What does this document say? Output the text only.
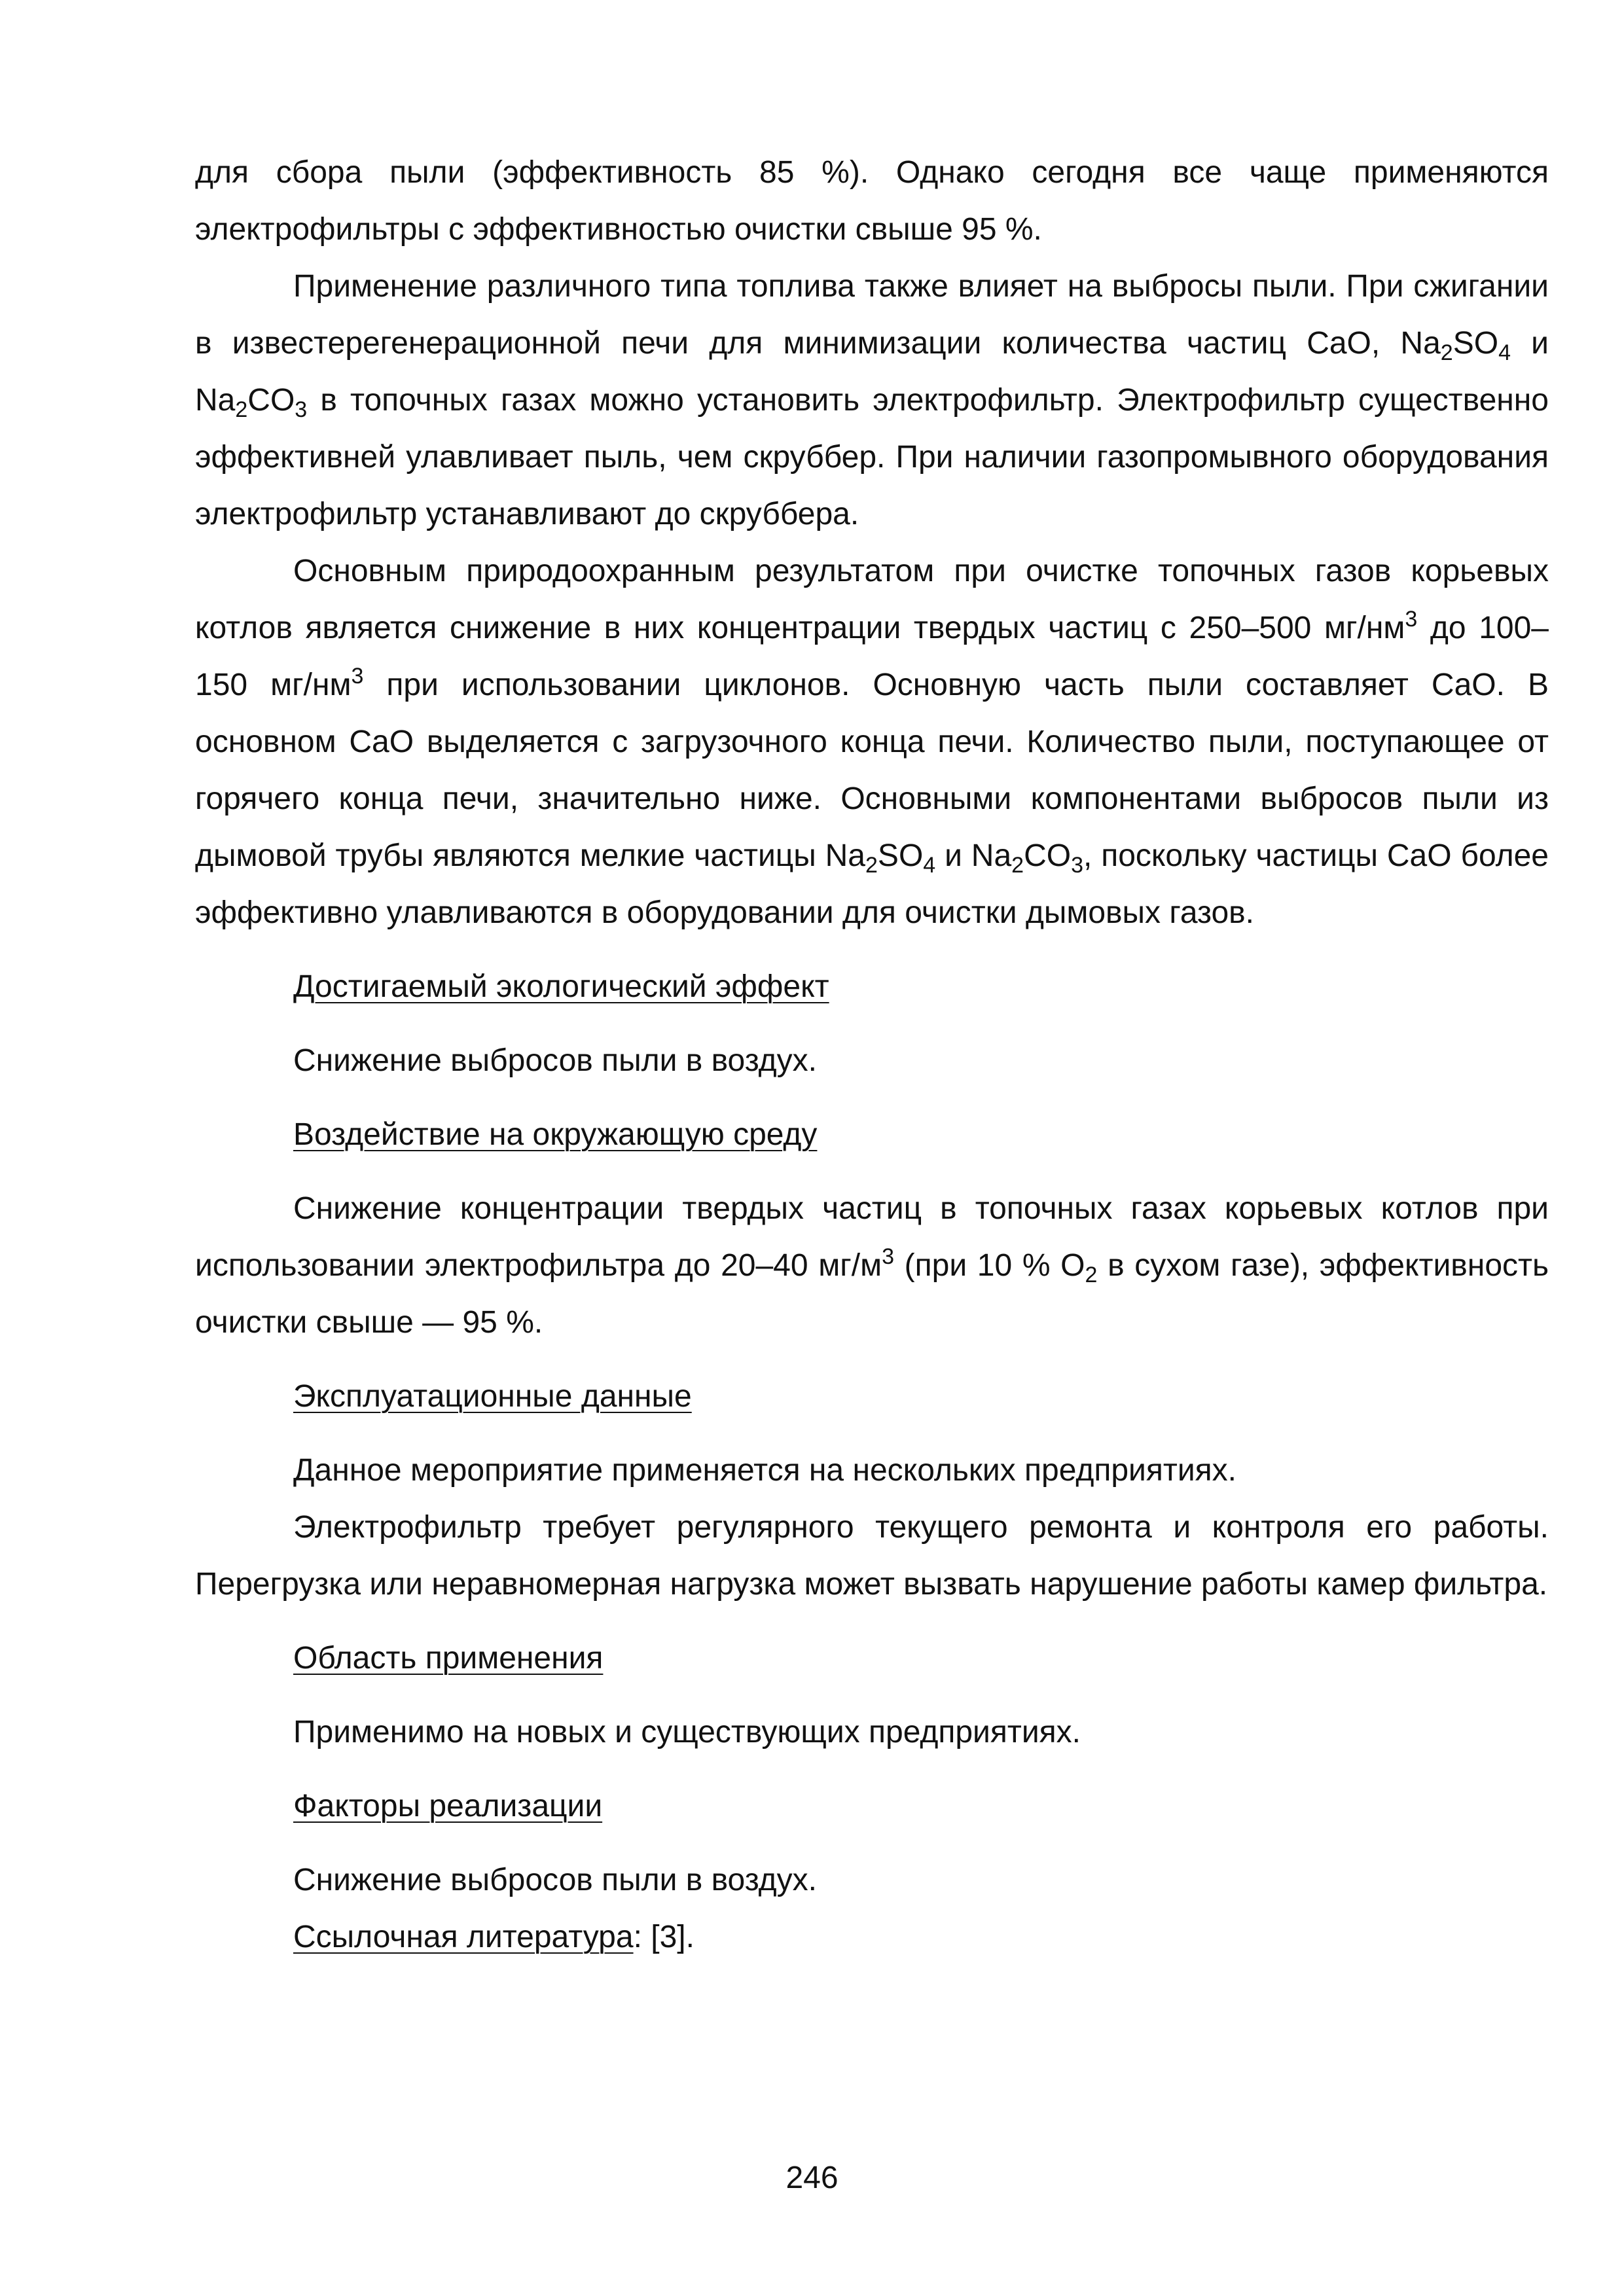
для сбора пыли (эффективность 85 %). Однако сегодня все чаще применяются электрофильтры с эффективностью очистки свыше 95 %.

Применение различного типа топлива также влияет на выбросы пыли. При сжигании в известерегенерационной печи для минимизации количества частиц CaO, $Na_2SO_4$ и $Na_2CO_3$ в топочных газах можно установить электрофильтр. Электрофильтр существенно эффективней улавливает пыль, чем скруббер. При наличии газопромывного оборудования электрофильтр устанавливают до скруббера.

Основным природоохранным результатом при очистке топочных газов корьевых котлов является снижение в них концентрации твердых частиц с 250–500 $мг/нм^3$ до 100–150 $мг/нм^3$ при использовании циклонов. Основную часть пыли составляет CaO. В основном CaO выделяется с загрузочного конца печи. Количество пыли, поступающее от горячего конца печи, значительно ниже. Основными компонентами выбросов пыли из дымовой трубы являются мелкие частицы $Na_2SO_4$ и $Na_2CO_3$, поскольку частицы CaO более эффективно улавливаются в оборудовании для очистки дымовых газов.

Достигаемый экологический эффект

Снижение выбросов пыли в воздух.

Воздействие на окружающую среду

Снижение концентрации твердых частиц в топочных газах корьевых котлов при использовании электрофильтра до 20–40 $мг/м^3$ (при 10 % $O_2$ в сухом газе), эффективность очистки свыше — 95 %.

Эксплуатационные данные

Данное мероприятие применяется на нескольких предприятиях.

Электрофильтр требует регулярного текущего ремонта и контроля его работы. Перегрузка или неравномерная нагрузка может вызвать нарушение работы камер фильтра.

Область применения

Применимо на новых и существующих предприятиях.

Факторы реализации

Снижение выбросов пыли в воздух.

Ссылочная литература: [3].

246
